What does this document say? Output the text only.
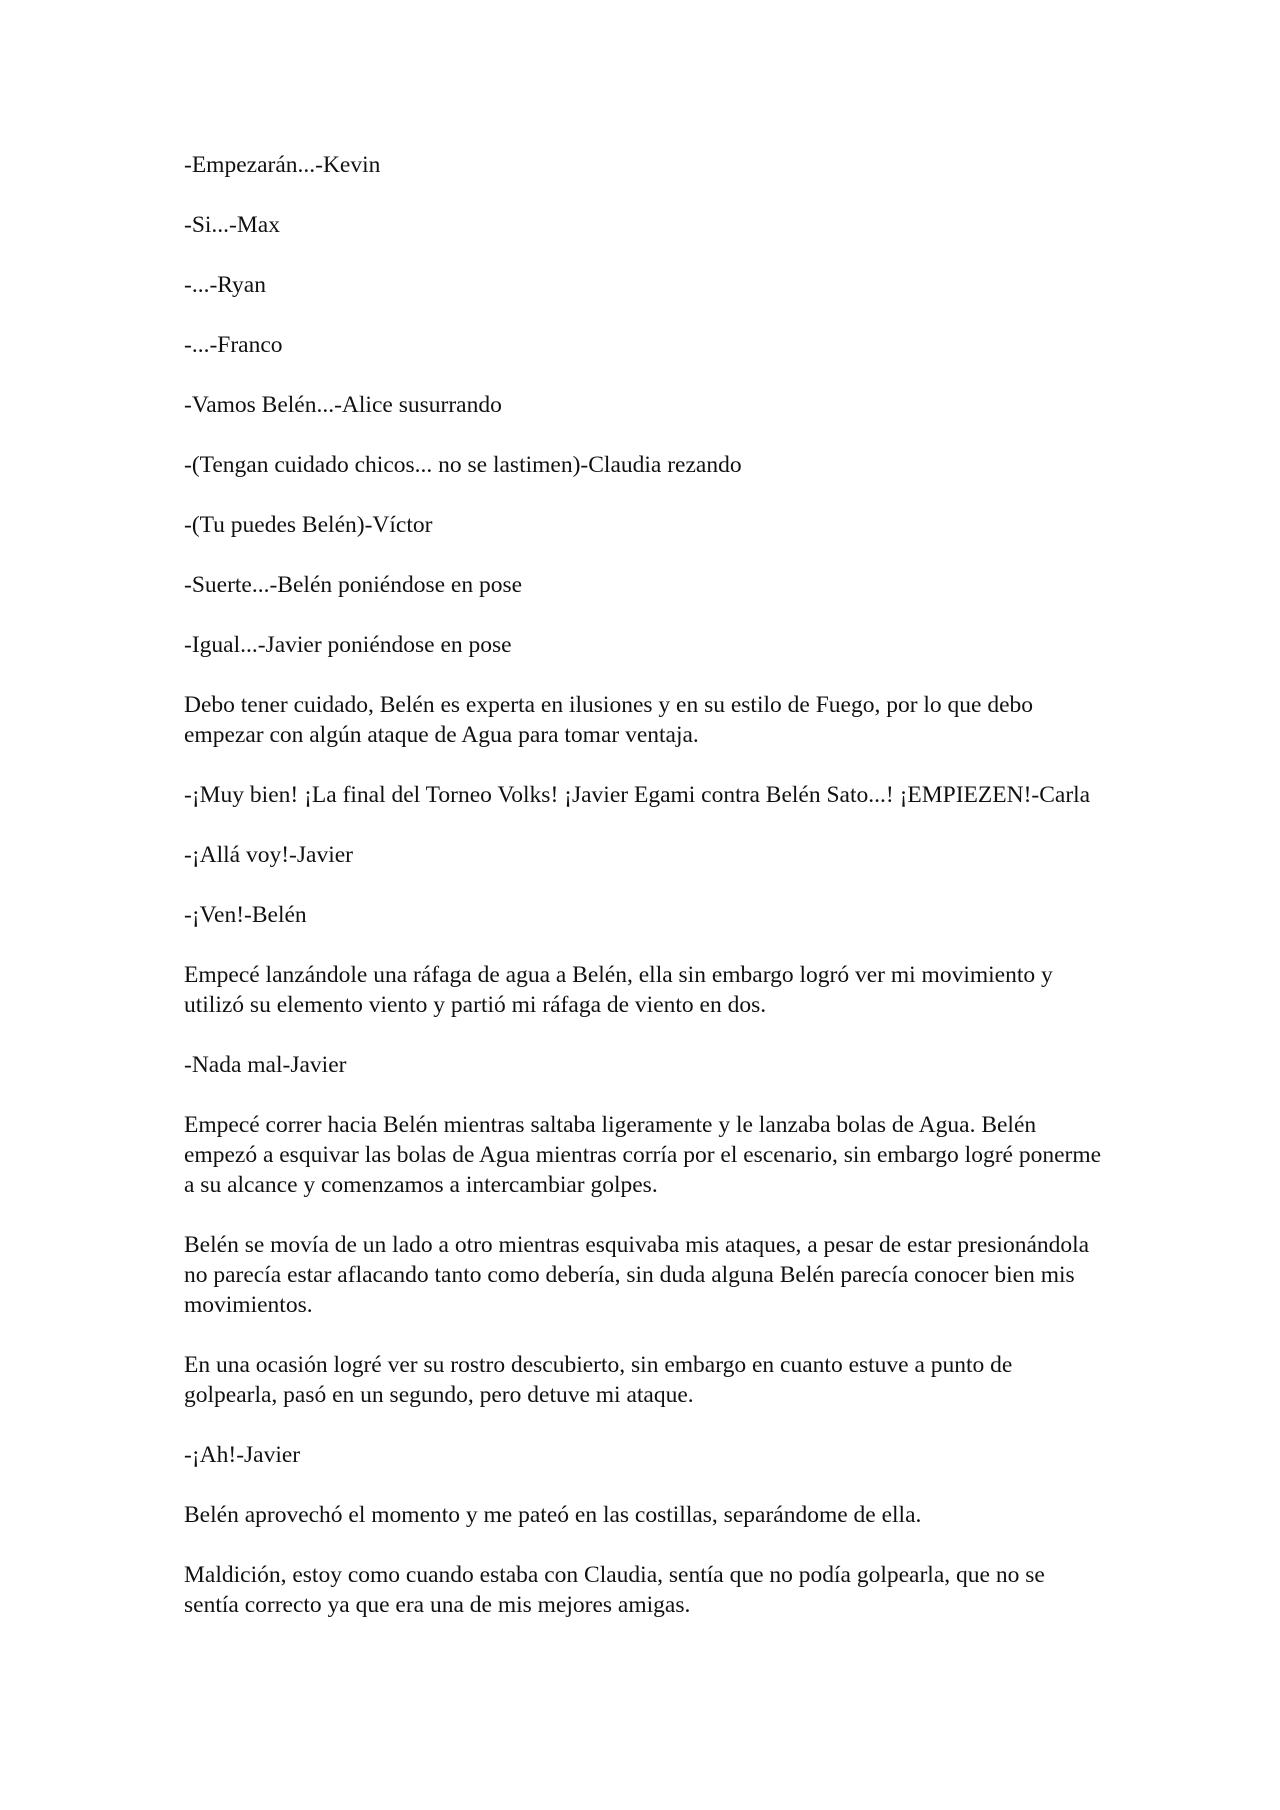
-Empezarán...-Kevin

-Si...-Max

-...-Ryan

-...-Franco

-Vamos Belén...-Alice susurrando

-(Tengan cuidado chicos... no se lastimen)-Claudia rezando

-(Tu puedes Belén)-Víctor

-Suerte...-Belén poniéndose en pose

-Igual...-Javier poniéndose en pose

Debo tener cuidado, Belén es experta en ilusiones y en su estilo de Fuego, por lo que debo empezar con algún ataque de Agua para tomar ventaja.

-¡Muy bien! ¡La final del Torneo Volks! ¡Javier Egami contra Belén Sato...! ¡EMPIEZEN!-Carla

-¡Allá voy!-Javier

-¡Ven!-Belén

Empecé lanzándole una ráfaga de agua a Belén, ella sin embargo logró ver mi movimiento y utilizó su elemento viento y partió mi ráfaga de viento en dos.

-Nada mal-Javier

Empecé correr hacia Belén mientras saltaba ligeramente y le lanzaba bolas de Agua. Belén empezó a esquivar las bolas de Agua mientras corría por el escenario, sin embargo logré ponerme a su alcance y comenzamos a intercambiar golpes.

Belén se movía de un lado a otro mientras esquivaba mis ataques, a pesar de estar presionándola no parecía estar aflacando tanto como debería, sin duda alguna Belén parecía conocer bien mis movimientos.

En una ocasión logré ver su rostro descubierto, sin embargo en cuanto estuve a punto de golpearla, pasó en un segundo, pero detuve mi ataque.

-¡Ah!-Javier

Belén aprovechó el momento y me pateó en las costillas, separándome de ella.

Maldición, estoy como cuando estaba con Claudia, sentía que no podía golpearla, que no se sentía correcto ya que era una de mis mejores amigas.
